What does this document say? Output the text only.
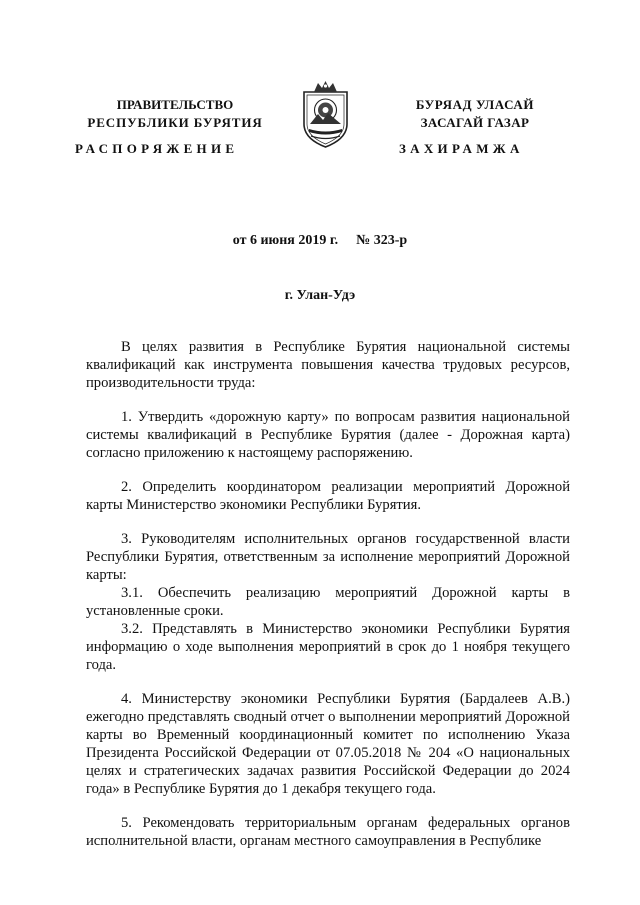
ПРАВИТЕЛЬСТВО
РЕСПУБЛИКИ БУРЯТИЯ
БУРЯАД УЛАСАЙ
ЗАСАГАЙ ГАЗАР
РАСПОРЯЖЕНИЕ	ЗАХИРАМЖА
от 6 июня 2019 г. № 323-р
г. Улан-Удэ

В целях развития в Республике Бурятия национальной системы квалификаций как инструмента повышения качества трудовых ресурсов, производительности труда:

1. Утвердить «дорожную карту» по вопросам развития национальной системы квалификаций в Республике Бурятия (далее - Дорожная карта) согласно приложению к настоящему распоряжению.

2. Определить координатором реализации мероприятий Дорожной карты Министерство экономики Республики Бурятия.

3. Руководителям исполнительных органов государственной власти Республики Бурятия, ответственным за исполнение мероприятий Дорожной карты:

3.1. Обеспечить реализацию мероприятий Дорожной карты в установленные сроки.

3.2. Представлять в Министерство экономики Республики Бурятия информацию о ходе выполнения мероприятий в срок до 1 ноября текущего года.

4. Министерству экономики Республики Бурятия (Бардалеев А.В.) ежегодно представлять сводный отчет о выполнении мероприятий Дорожной карты во Временный координационный комитет по исполнению Указа Президента Российской Федерации от 07.05.2018 № 204 «О национальных целях и стратегических задачах развития Российской Федерации до 2024 года» в Республике Бурятия до 1 декабря текущего года.

5. Рекомендовать территориальным органам федеральных органов исполнительной власти, органам местного самоуправления в Республике
